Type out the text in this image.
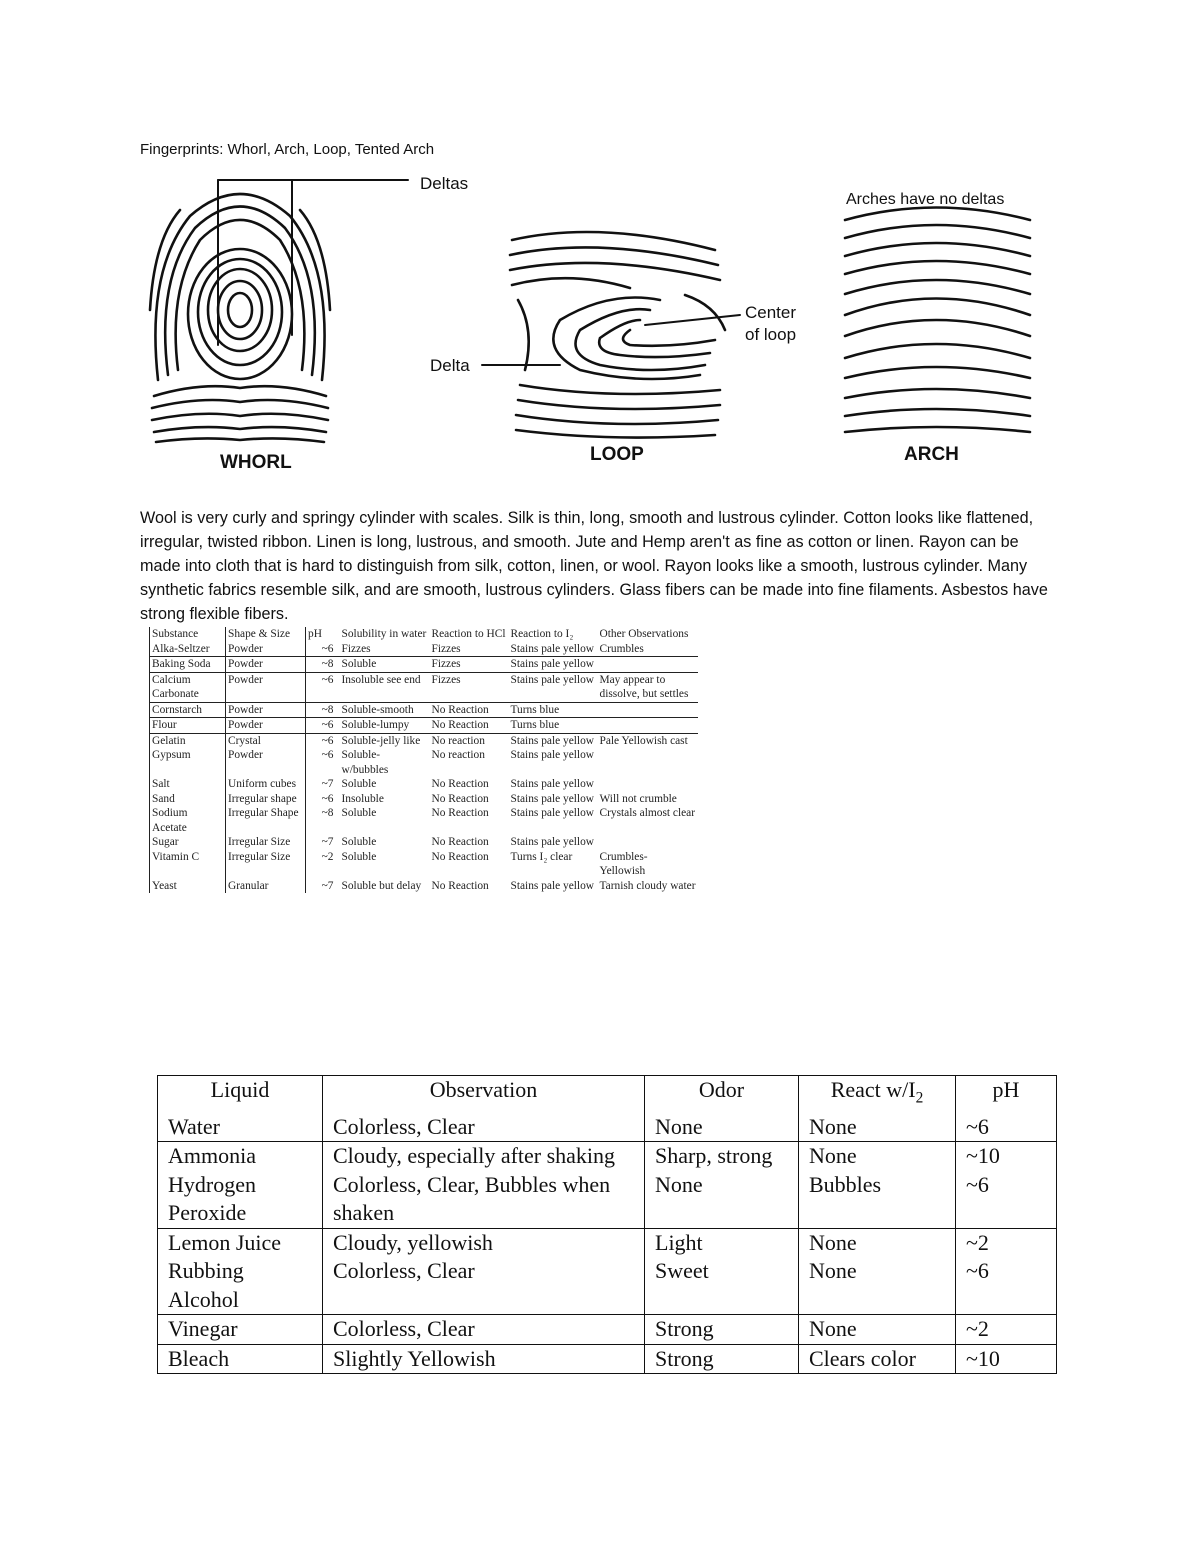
Fingerprints: Whorl, Arch, Loop, Tented Arch
Deltas
WHORL
Delta
Center
of loop
LOOP
Arches have no deltas
ARCH

Wool is very curly and springy cylinder with scales. Silk is thin, long, smooth and lustrous cylinder. Cotton looks like flattened, irregular, twisted ribbon. Linen is long, lustrous, and smooth. Jute and Hemp aren't as fine as cotton or linen. Rayon can be made into cloth that is hard to distinguish from silk, cotton, linen, or wool. Rayon looks like a smooth, lustrous cylinder. Many synthetic fabrics resemble silk, and are smooth, lustrous cylinders. Glass fibers can be made into fine filaments. Asbestos have strong flexible fibers.

Substance	Shape & Size	pH	Solubility in water	Reaction to HCl	Reaction to I₂	Other Observations
Alka-Seltzer	Powder	~6	Fizzes	Fizzes	Stains pale yellow	Crumbles
Baking Soda	Powder	~8	Soluble	Fizzes	Stains pale yellow	
Calcium Carbonate	Powder	~6	Insoluble see end	Fizzes	Stains pale yellow	May appear to dissolve, but settles
Cornstarch	Powder	~8	Soluble-smooth	No Reaction	Turns blue	
Flour	Powder	~6	Soluble-lumpy	No Reaction	Turns blue	
Gelatin	Crystal	~6	Soluble-jelly like	No reaction	Stains pale yellow	Pale Yellowish cast
Gypsum	Powder	~6	Soluble- w/bubbles	No reaction	Stains pale yellow	
Salt	Uniform cubes	~7	Soluble	No Reaction	Stains pale yellow	
Sand	Irregular shape	~6	Insoluble	No Reaction	Stains pale yellow	Will not crumble
Sodium Acetate	Irregular Shape	~8	Soluble	No Reaction	Stains pale yellow	Crystals almost clear
Sugar	Irregular Size	~7	Soluble	No Reaction	Stains pale yellow	
Vitamin C	Irregular Size	~2	Soluble	No Reaction	Turns I₂ clear	Crumbles- Yellowish
Yeast	Granular	~7	Soluble but delay	No Reaction	Stains pale yellow	Tarnish cloudy water
Liquid	Observation	Odor	React $w/I_2$	pH
Water	Colorless, Clear	None	None	~6
Ammonia	Cloudy, especially after shaking	Sharp, strong	None	~10
Hydrogen Peroxide	Colorless, Clear, Bubbles when shaken	None	Bubbles	~6
Lemon Juice	Cloudy, yellowish	Light	None	~2
Rubbing Alcohol	Colorless, Clear	Sweet	None	~6
Vinegar	Colorless, Clear	Strong	None	~2
Bleach	Slightly Yellowish	Strong	Clears color	~10
